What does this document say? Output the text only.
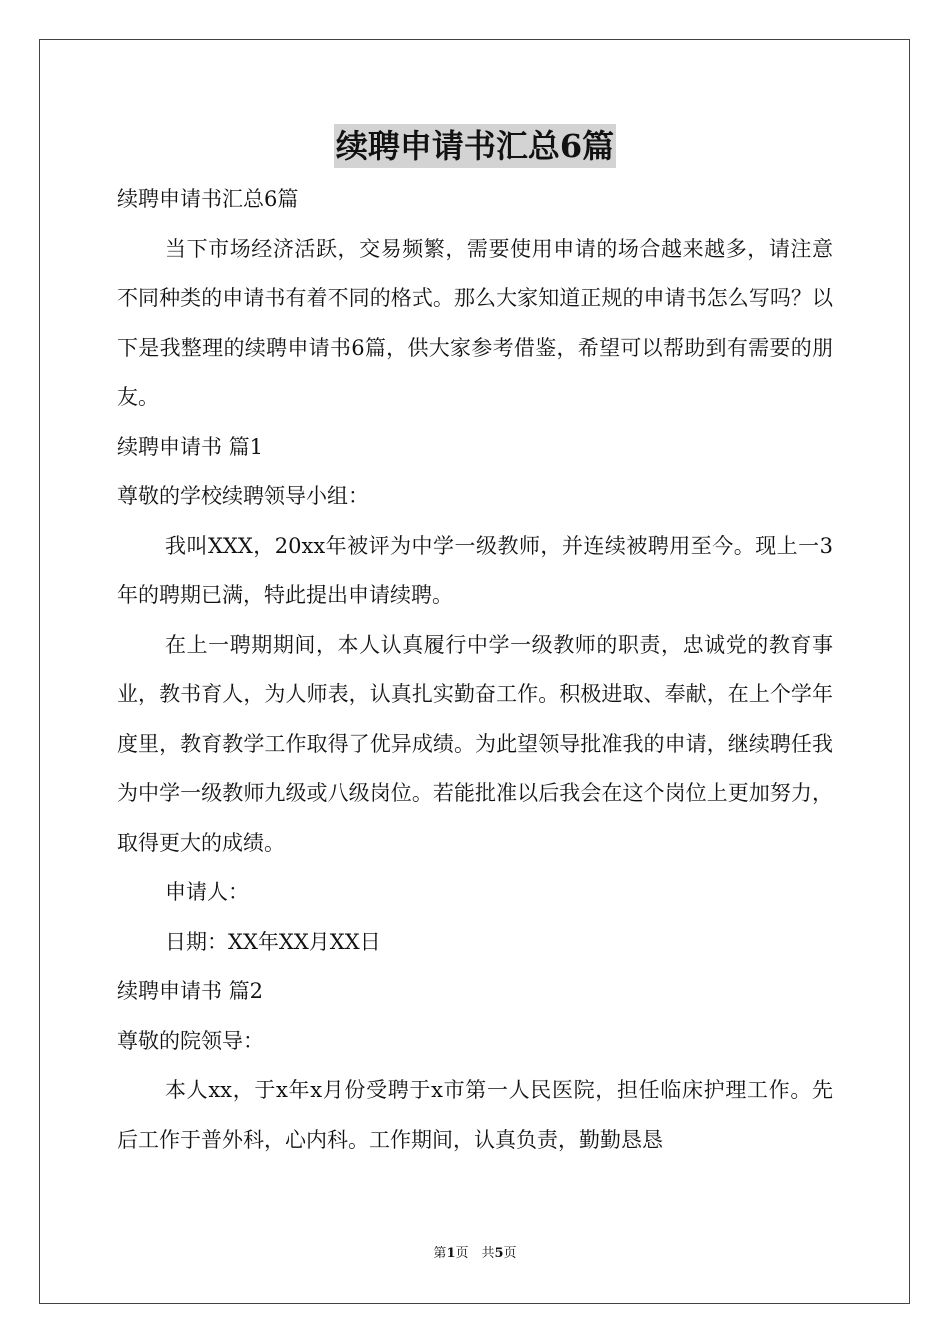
续聘申请书汇总6篇

续聘申请书汇总6篇

当下市场经济活跃，交易频繁，需要使用申请的场合越来越多，请注意不同种类的申请书有着不同的格式。那么大家知道正规的申请书怎么写吗？以下是我整理的续聘申请书6篇，供大家参考借鉴，希望可以帮助到有需要的朋友。

续聘申请书 篇1

尊敬的学校续聘领导小组：

我叫XXX，20xx年被评为中学一级教师，并连续被聘用至今。现上一3年的聘期已满，特此提出申请续聘。

在上一聘期期间，本人认真履行中学一级教师的职责，忠诚党的教育事业，教书育人，为人师表，认真扎实勤奋工作。积极进取、奉献，在上个学年度里，教育教学工作取得了优异成绩。为此望领导批准我的申请，继续聘任我为中学一级教师九级或八级岗位。若能批准以后我会在这个岗位上更加努力，取得更大的成绩。

申请人：

日期：XX年XX月XX日

续聘申请书 篇2

尊敬的院领导：

本人xx，于x年x月份受聘于x市第一人民医院，担任临床护理工作。先后工作于普外科，心内科。工作期间，认真负责，勤勤恳恳

第1页　共5页
